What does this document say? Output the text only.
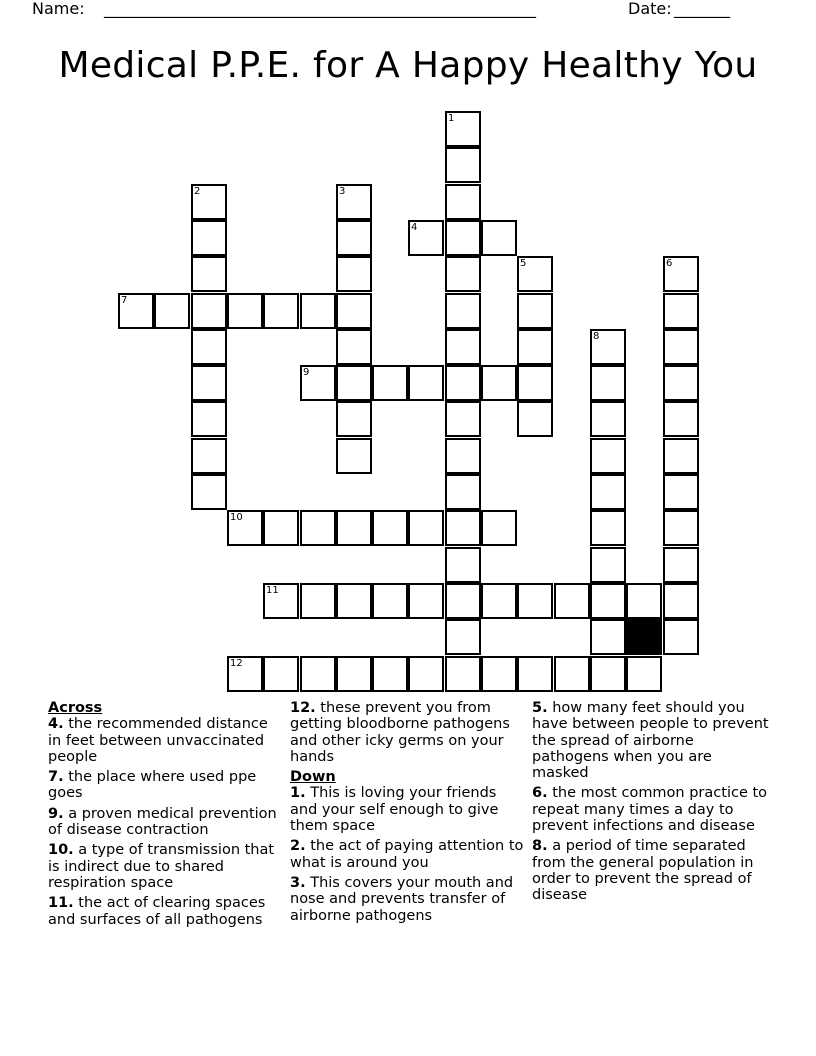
Name: ______________________________________________________	Date: _______
Medical P.P.E. for A Happy Healthy You
1
2	3
4
5	6
7
8
9
10
11
12
Across
4. the recommended distance in feet between unvaccinated people
7. the place where used ppe goes
9. a proven medical prevention of disease contraction
10. a type of transmission that is indirect due to shared respiration space
11. the act of clearing spaces and surfaces of all pathogens
12. these prevent you from getting bloodborne pathogens and other icky germs on your hands
Down
1. This is loving your friends and your self enough to give them space
2. the act of paying attention to what is around you
3. This covers your mouth and nose and prevents transfer of airborne pathogens
5. how many feet should you have between people to prevent the spread of airborne pathogens when you are masked
6. the most common practice to repeat many times a day to prevent infections and disease
8. a period of time separated from the general population in order to prevent the spread of disease
